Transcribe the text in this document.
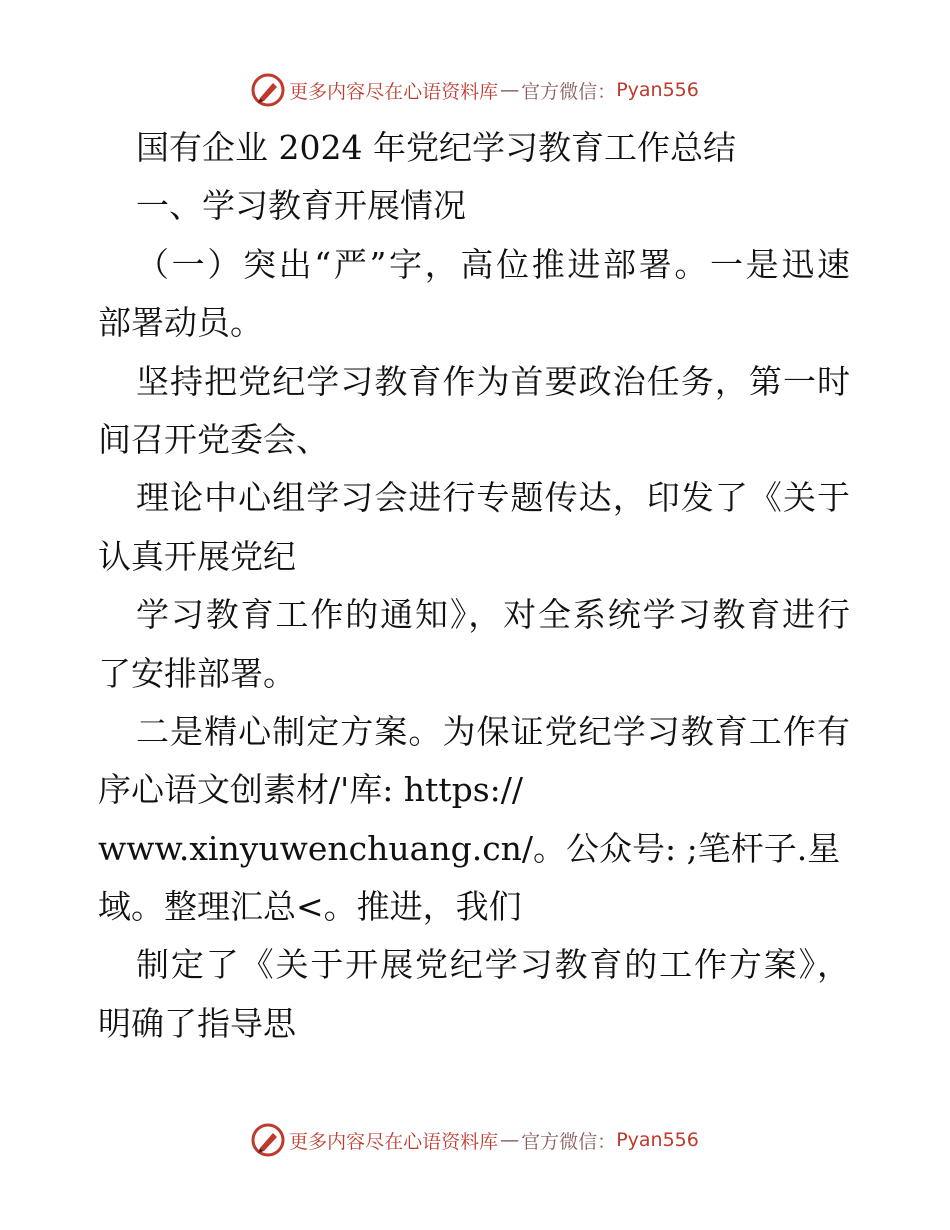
更多内容尽在心语资料库 — 官方微信： Pyan556
国有企业 2024 年党纪学习教育工作总结
一、学习教育开展情况
（一）突出“严”字，高位推进部署。一是迅速
部署动员。
坚持把党纪学习教育作为首要政治任务，第一时
间召开党委会、
理论中心组学习会进行专题传达，印发了《关于
认真开展党纪
学习教育工作的通知》，对全系统学习教育进行
了安排部署。
二是精心制定方案。为保证党纪学习教育工作有
序心语文创素材/'库: https://
www.xinyuwenchuang.cn/。公众号: ;笔杆子.星
域。整理汇总<。推进，我们
制定了《关于开展党纪学习教育的工作方案》，
明确了指导思
更多内容尽在心语资料库 — 官方微信： Pyan556
